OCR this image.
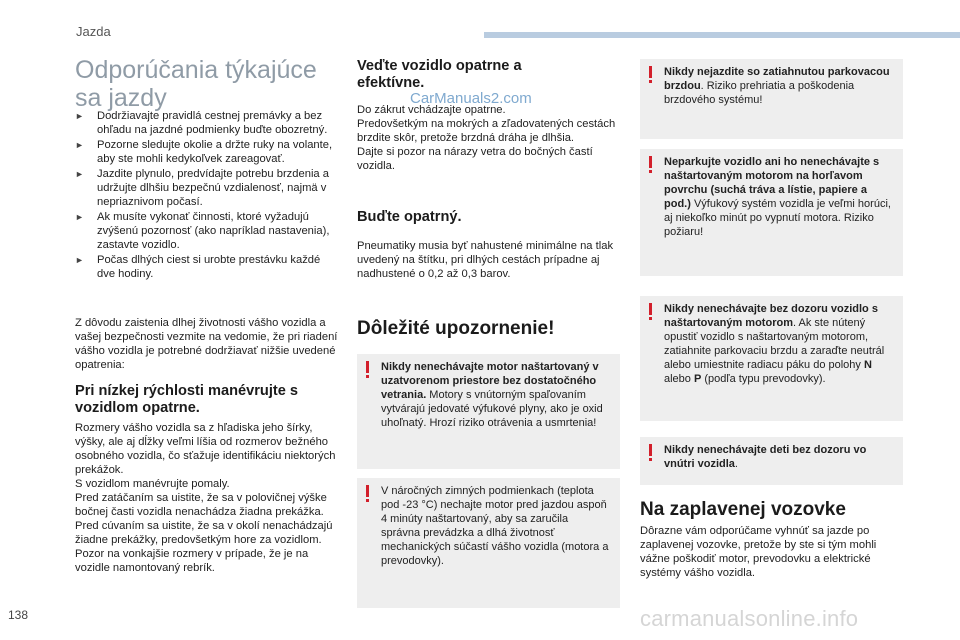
Jazda
Odporúčania týkajúce sa jazdy
► Dodržiavajte pravidlá cestnej premávky a bez ohľadu na jazdné podmienky buďte obozretný.
► Pozorne sledujte okolie a držte ruky na volante, aby ste mohli kedykoľvek zareagovať.
► Jazdite plynulo, predvídajte potrebu brzdenia a udržujte dlhšiu bezpečnú vzdialenosť, najmä v nepriaznivom počasí.
► Ak musíte vykonať činnosti, ktoré vyžadujú zvýšenú pozornosť (ako napríklad nastavenia), zastavte vozidlo.
► Počas dlhých ciest si urobte prestávku každé dve hodiny.

Z dôvodu zaistenia dlhej životnosti vášho vozidla a vašej bezpečnosti vezmite na vedomie, že pri riadení vášho vozidla je potrebné dodržiavať nižšie uvedené opatrenia:

Pri nízkej rýchlosti manévrujte s vozidlom opatrne.

Rozmery vášho vozidla sa z hľadiska jeho šírky, výšky, ale aj dĺžky veľmi líšia od rozmerov bežného osobného vozidla, čo sťažuje identifikáciu niektorých prekážok.
S vozidlom manévrujte pomaly.
Pred zatáčaním sa uistite, že sa v polovičnej výške bočnej časti vozidla nenachádza žiadna prekážka.
Pred cúvaním sa uistite, že sa v okolí nenachádzajú žiadne prekážky, predovšetkým hore za vozidlom.
Pozor na vonkajšie rozmery v prípade, že je na vozidle namontovaný rebrík.

Veďte vozidlo opatrne a efektívne.
CarManuals2.com

Do zákrut vchádzajte opatrne.
Predovšetkým na mokrých a zľadovatených cestách brzdite skôr, pretože brzdná dráha je dlhšia.
Dajte si pozor na nárazy vetra do bočných častí vozidla.

Buďte opatrný.

Pneumatiky musia byť nahustené minimálne na tlak uvedený na štítku, pri dlhých cestách prípadne aj nadhustené o 0,2 až 0,3 barov.

Dôležité upozornenie!
Nikdy nenechávajte motor naštartovaný v uzatvorenom priestore bez dostatočného vetrania. Motory s vnútorným spaľovaním vytvárajú jedovaté výfukové plyny, ako je oxid uhoľnatý. Hrozí riziko otrávenia a usmrtenia!
V náročných zimných podmienkach (teplota pod -23 °C) nechajte motor pred jazdou aspoň 4 minúty naštartovaný, aby sa zaručila správna prevádzka a dlhá životnosť mechanických súčastí vášho vozidla (motora a prevodovky).
Nikdy nejazdite so zatiahnutou parkovacou brzdou. Riziko prehriatia a poškodenia brzdového systému!
Neparkujte vozidlo ani ho nenechávajte s naštartovaným motorom na horľavom povrchu (suchá tráva a lístie, papiere a pod.) Výfukový systém vozidla je veľmi horúci, aj niekoľko minút po vypnutí motora. Riziko požiaru!
Nikdy nenechávajte bez dozoru vozidlo s naštartovaným motorom. Ak ste nútený opustiť vozidlo s naštartovaným motorom, zatiahnite parkovaciu brzdu a zaraďte neutrál alebo umiestnite radiacu páku do polohy N alebo P (podľa typu prevodovky).
Nikdy nenechávajte deti bez dozoru vo vnútri vozidla.
Na zaplavenej vozovke

Dôrazne vám odporúčame vyhnúť sa jazde po zaplavenej vozovke, pretože by ste si tým mohli vážne poškodiť motor, prevodovku a elektrické systémy vášho vozidla.

138	carmanualsonline.info
